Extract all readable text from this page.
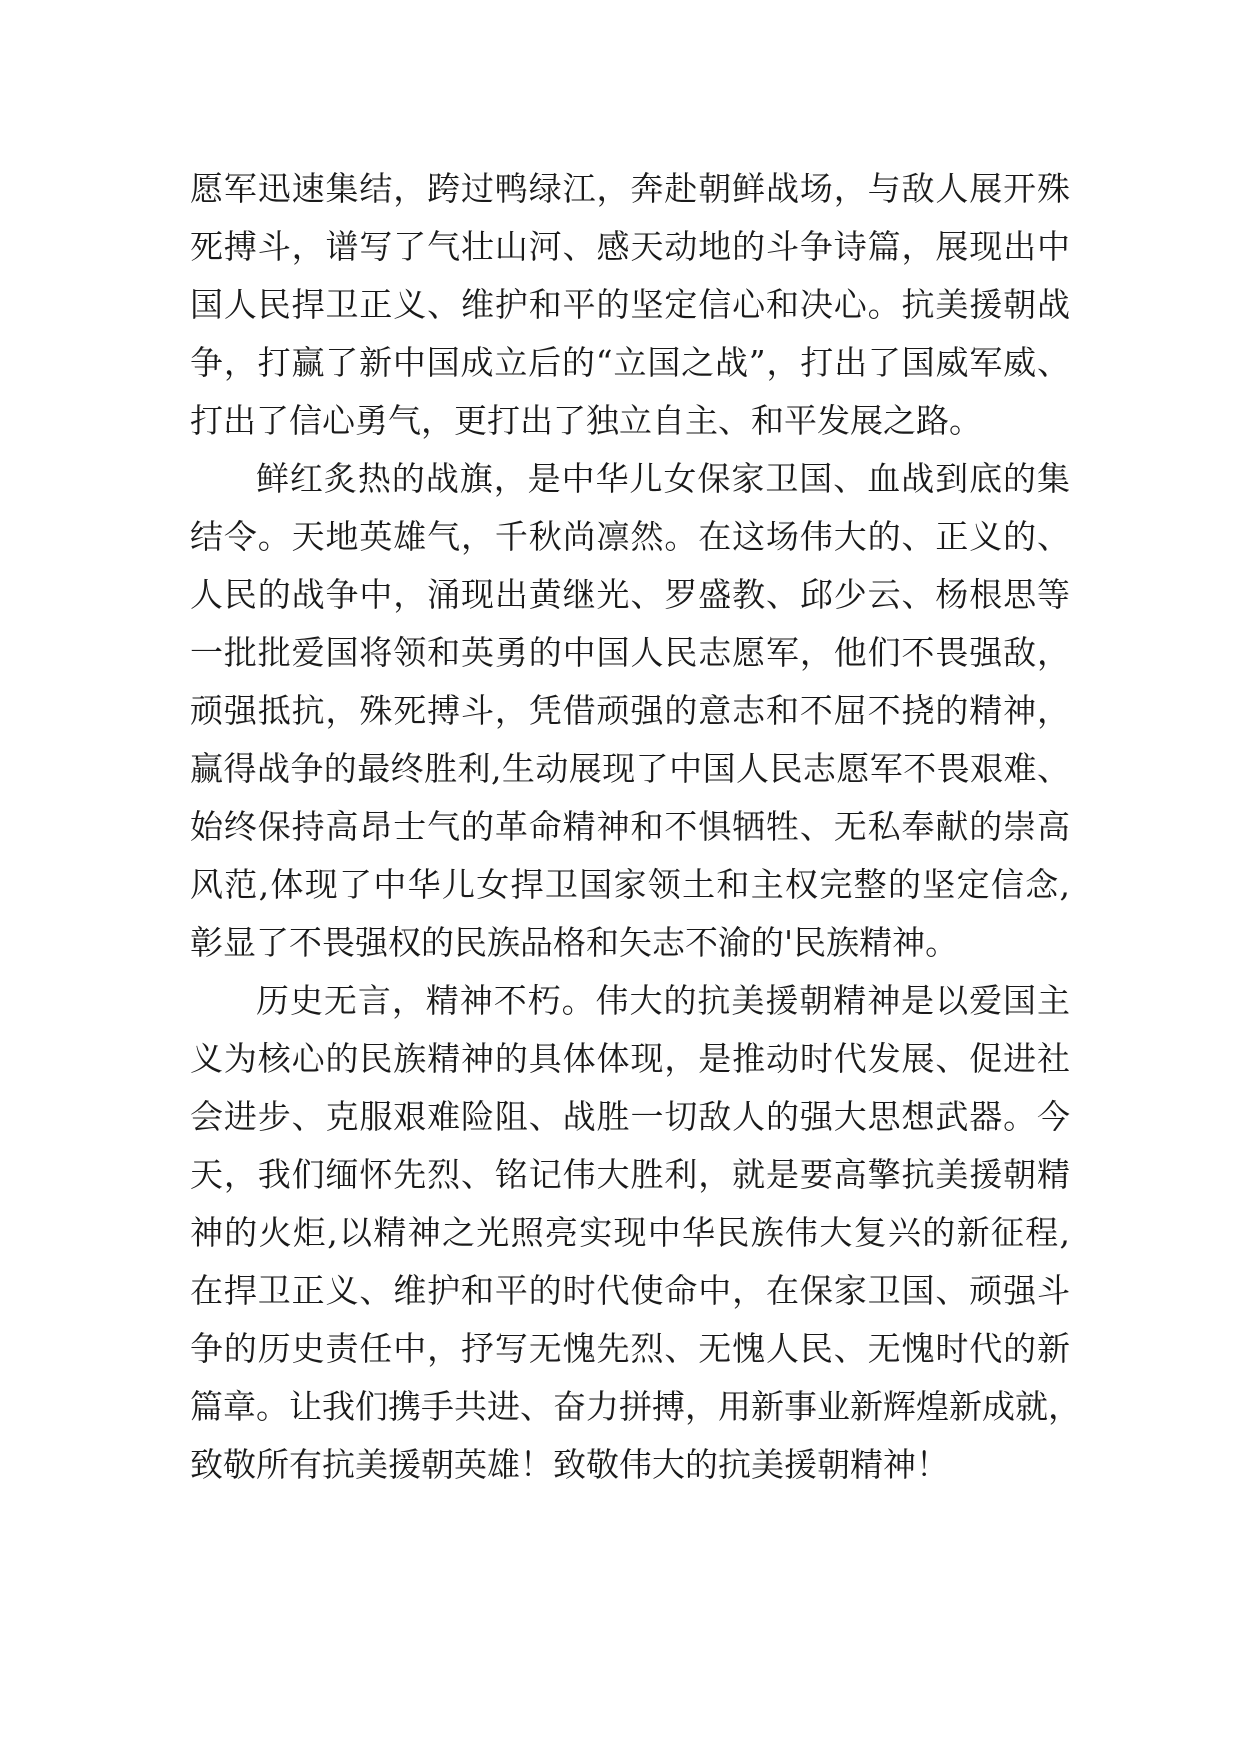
愿军迅速集结，跨过鸭绿江，奔赴朝鲜战场，与敌人展开殊
死搏斗，谱写了气壮山河、感天动地的斗争诗篇，展现出中
国人民捍卫正义、维护和平的坚定信心和决心。抗美援朝战
争，打赢了新中国成立后的“立国之战”，打出了国威军威、
打出了信心勇气，更打出了独立自主、和平发展之路。
鲜红炙热的战旗，是中华儿女保家卫国、血战到底的集
结令。天地英雄气，千秋尚凛然。在这场伟大的、正义的、
人民的战争中，涌现出黄继光、罗盛教、邱少云、杨根思等
一批批爱国将领和英勇的中国人民志愿军，他们不畏强敌，
顽强抵抗，殊死搏斗，凭借顽强的意志和不屈不挠的精神，
赢得战争的最终胜利,生动展现了中国人民志愿军不畏艰难、
始终保持高昂士气的革命精神和不惧牺牲、无私奉献的崇高
风范,体现了中华儿女捍卫国家领土和主权完整的坚定信念,
彰显了不畏强权的民族品格和矢志不渝的'民族精神。
历史无言，精神不朽。伟大的抗美援朝精神是以爱国主
义为核心的民族精神的具体体现，是推动时代发展、促进社
会进步、克服艰难险阻、战胜一切敌人的强大思想武器。今
天，我们缅怀先烈、铭记伟大胜利，就是要高擎抗美援朝精
神的火炬,以精神之光照亮实现中华民族伟大复兴的新征程,
在捍卫正义、维护和平的时代使命中，在保家卫国、顽强斗
争的历史责任中，抒写无愧先烈、无愧人民、无愧时代的新
篇章。让我们携手共进、奋力拼搏，用新事业新辉煌新成就，
致敬所有抗美援朝英雄！致敬伟大的抗美援朝精神！
